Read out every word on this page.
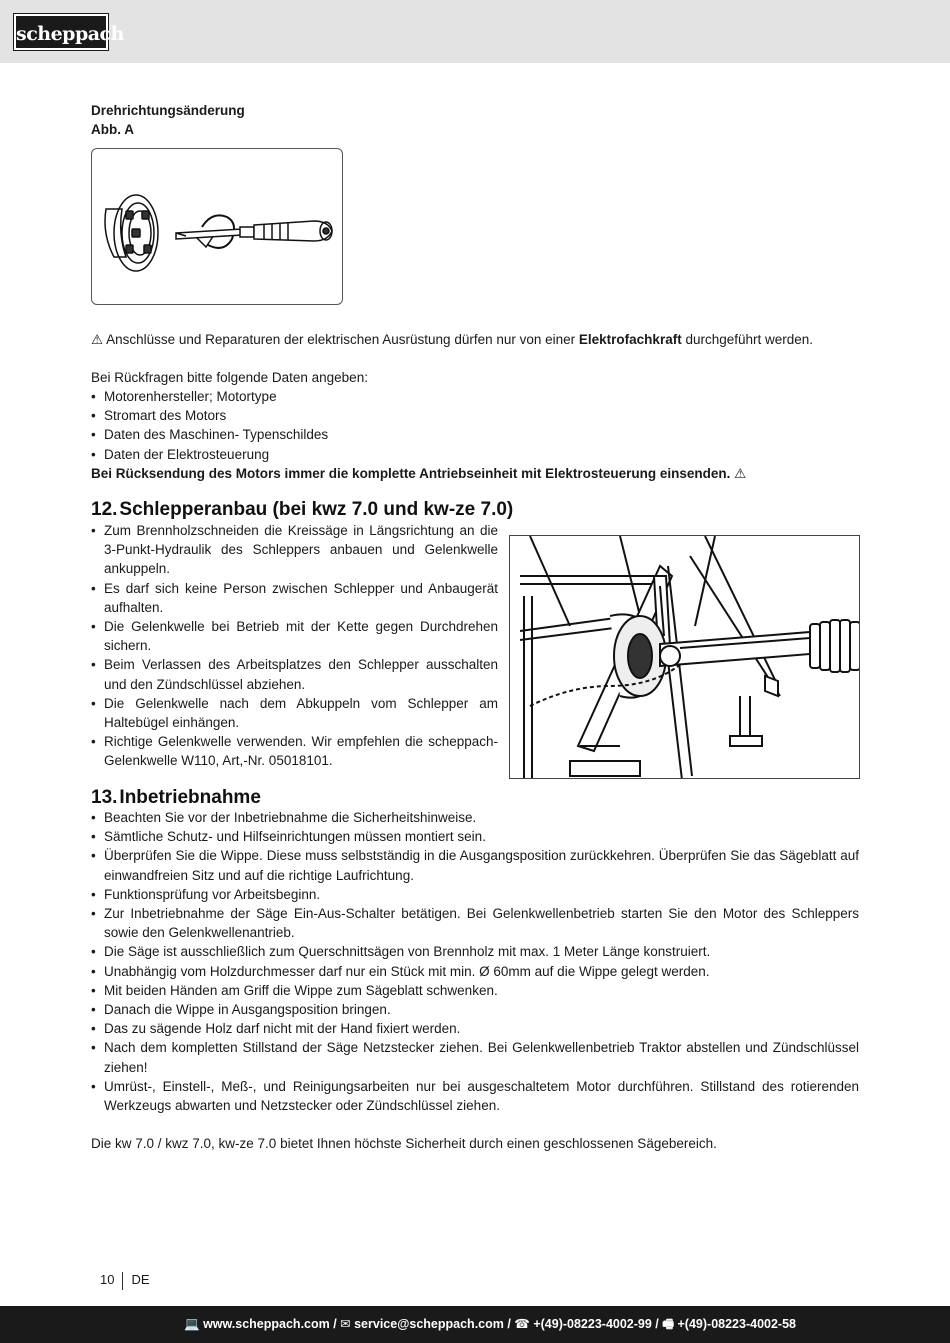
scheppach
Drehrichtungsänderung
Abb. A
⚠ Anschlüsse und Reparaturen der elektrischen Ausrüstung dürfen nur von einer Elektrofachkraft durchgeführt werden.
Bei Rückfragen bitte folgende Daten angeben:
• Motorenhersteller; Motortype
• Stromart des Motors
• Daten des Maschinen- Typenschildes
• Daten der Elektrosteuerung
Bei Rücksendung des Motors immer die komplette Antriebseinheit mit Elektrosteuerung einsenden. ⚠
12. Schlepperanbau (bei kwz 7.0 und kw-ze 7.0)
• Zum Brennholzschneiden die Kreissäge in Längsrichtung an die 3-Punkt-Hydraulik des Schleppers anbauen und Gelenkwelle ankuppeln.
• Es darf sich keine Person zwischen Schlepper und Anbaugerät aufhalten.
• Die Gelenkwelle bei Betrieb mit der Kette gegen Durchdrehen sichern.
• Beim Verlassen des Arbeitsplatzes den Schlepper ausschalten und den Zündschlüssel abziehen.
• Die Gelenkwelle nach dem Abkuppeln vom Schlepper am Haltebügel einhängen.
• Richtige Gelenkwelle verwenden. Wir empfehlen die scheppach-Gelenkwelle W110, Art,-Nr. 05018101.
13. Inbetriebnahme
• Beachten Sie vor der Inbetriebnahme die Sicherheitshinweise.
• Sämtliche Schutz- und Hilfseinrichtungen müssen montiert sein.
• Überprüfen Sie die Wippe. Diese muss selbstständig in die Ausgangsposition zurückkehren. Überprüfen Sie das Sägeblatt auf einwandfreien Sitz und auf die richtige Laufrichtung.
• Funktionsprüfung vor Arbeitsbeginn.
• Zur Inbetriebnahme der Säge Ein-Aus-Schalter betätigen. Bei Gelenkwellenbetrieb starten Sie den Motor des Schleppers sowie den Gelenkwellenantrieb.
• Die Säge ist ausschließlich zum Querschnittsägen von Brennholz mit max. 1 Meter Länge konstruiert.
• Unabhängig vom Holzdurchmesser darf nur ein Stück mit min. Ø 60mm auf die Wippe gelegt werden.
• Mit beiden Händen am Griff die Wippe zum Sägeblatt schwenken.
• Danach die Wippe in Ausgangsposition bringen.
• Das zu sägende Holz darf nicht mit der Hand fixiert werden.
• Nach dem kompletten Stillstand der Säge Netzstecker ziehen. Bei Gelenkwellenbetrieb Traktor abstellen und Zündschlüssel ziehen!
• Umrüst-, Einstell-, Meß-, und Reinigungsarbeiten nur bei ausgeschaltetem Motor durchführen. Stillstand des rotierenden Werkzeugs abwarten und Netzstecker oder Zündschlüssel ziehen.
Die kw 7.0 / kwz 7.0, kw-ze 7.0 bietet Ihnen höchste Sicherheit durch einen geschlossenen Sägebereich.
10 DE
💻 www.scheppach.com / ✉ service@scheppach.com / ☎ +(49)-08223-4002-99 / 🖷 +(49)-08223-4002-58
